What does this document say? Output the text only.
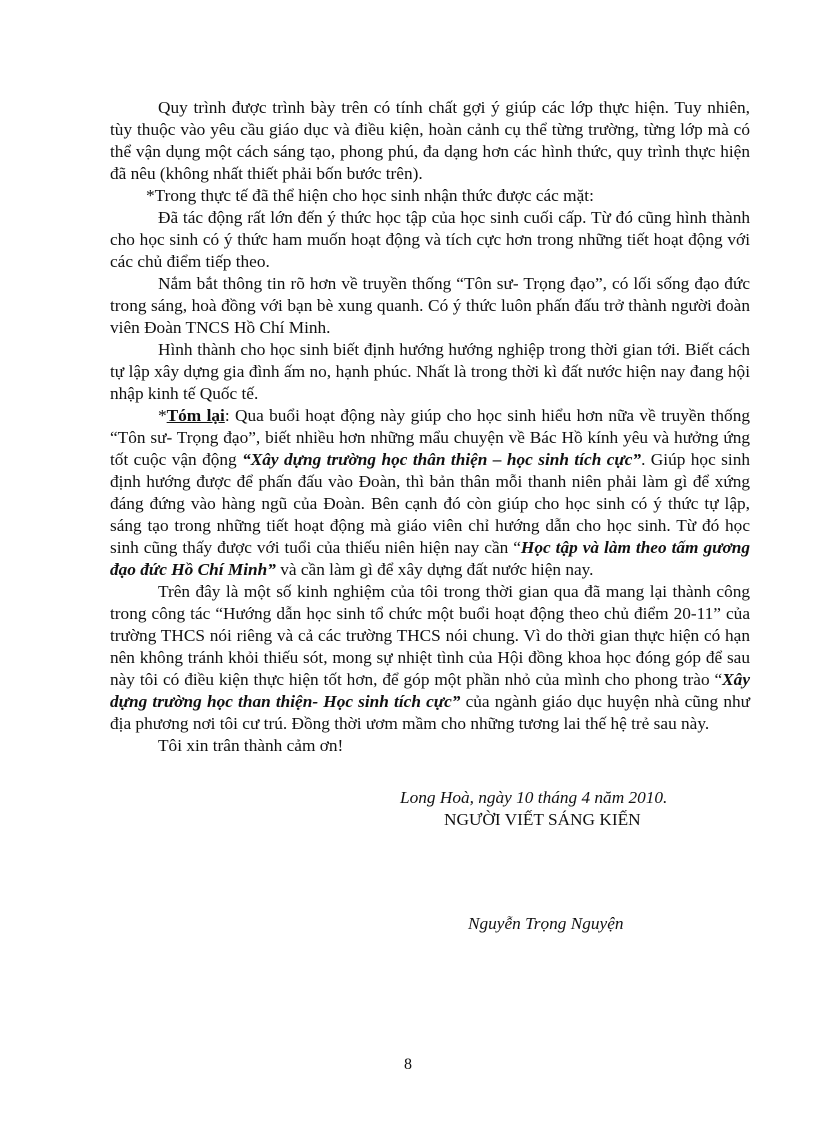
Quy trình được trình bày trên có tính chất gợi ý giúp các lớp thực hiện. Tuy nhiên, tùy thuộc vào yêu cầu giáo dục và điều kiện, hoàn cảnh cụ thể từng trường, từng lớp mà có thể vận dụng một cách sáng tạo, phong phú, đa dạng hơn các hình thức, quy trình thực hiện đã nêu (không nhất thiết phải bốn bước trên).

*Trong thực tế đã thể hiện cho học sinh nhận thức được các mặt:

Đã tác động rất lớn đến ý thức học tập của học sinh cuối cấp. Từ đó cũng hình thành cho học sinh có ý thức ham muốn hoạt động và tích cực hơn trong những tiết hoạt động với các chủ điểm tiếp theo.

Nắm bắt thông tin rõ hơn về truyền thống “Tôn sư- Trọng đạo”, có lối sống đạo đức trong sáng, hoà đồng với bạn bè xung quanh. Có ý thức luôn phấn đấu trở thành người đoàn viên Đoàn TNCS Hồ Chí Minh.

Hình thành cho học sinh biết định hướng hướng nghiệp trong thời gian tới. Biết cách tự lập xây dựng gia đình ấm no, hạnh phúc. Nhất là trong thời kì đất nước hiện nay đang hội nhập kinh tế Quốc tế.

*Tóm lại: Qua buổi hoạt động này giúp cho học sinh hiểu hơn nữa về truyền thống “Tôn sư- Trọng đạo”, biết nhiều hơn những mẩu chuyện về Bác Hồ kính yêu và hưởng ứng tốt cuộc vận động “Xây dựng trường học thân thiện – học sinh tích cực”. Giúp học sinh định hướng được để phấn đấu vào Đoàn, thì bản thân mỗi thanh niên phải làm gì để xứng đáng đứng vào hàng ngũ của Đoàn. Bên cạnh đó còn giúp cho học sinh có ý thức tự lập, sáng tạo trong những tiết hoạt động mà giáo viên chỉ hướng dẫn cho học sinh. Từ đó học sinh cũng thấy được với tuổi của thiếu niên hiện nay cần “Học tập và làm theo tấm gương đạo đức Hồ Chí Minh” và cần làm gì để xây dựng đất nước hiện nay.

Trên đây là một số kinh nghiệm của tôi trong thời gian qua đã mang lại thành công trong công tác “Hướng dẫn học sinh tổ chức một buổi hoạt động theo chủ điểm 20-11” của trường THCS nói riêng và cả các trường THCS nói chung. Vì do thời gian thực hiện có hạn nên không tránh khỏi thiếu sót, mong sự nhiệt tình của Hội đồng khoa học đóng góp để sau này tôi có điều kiện thực hiện tốt hơn, để góp một phần nhỏ của mình cho phong trào “Xây dựng trường học than thiện- Học sinh tích cực” của ngành giáo dục huyện nhà cũng như địa phương nơi tôi cư trú. Đồng thời ươm mầm cho những tương lai thế hệ trẻ sau này.

Tôi xin trân thành cảm ơn!

Long Hoà, ngày 10 tháng 4 năm 2010.

NGƯỜI VIẾT SÁNG KIẾN

Nguyễn Trọng Nguyện

8
